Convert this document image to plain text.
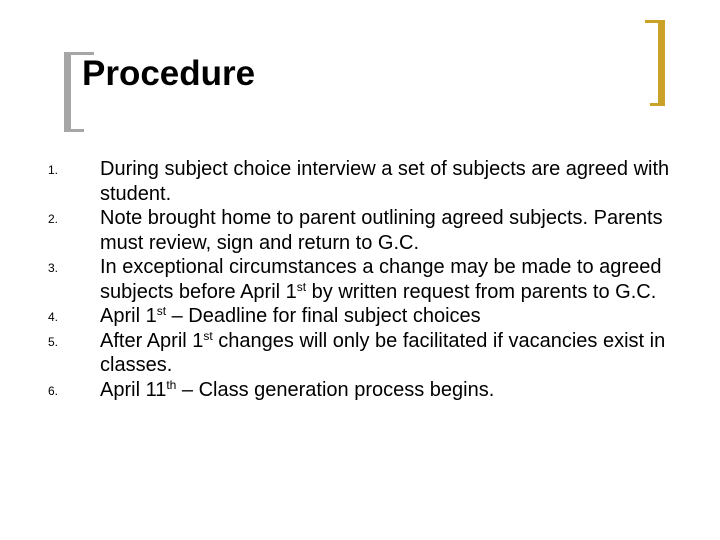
Procedure
1. During subject choice interview a set of subjects are agreed with student.
2. Note brought home to parent outlining agreed subjects. Parents must review, sign and return to G.C.
3. In exceptional circumstances a change may be made to agreed subjects before April 1st by written request from parents to G.C.
4. April 1st – Deadline for final subject choices
5. After April 1st changes will only be facilitated if vacancies exist in classes.
6. April 11th – Class generation process begins.
